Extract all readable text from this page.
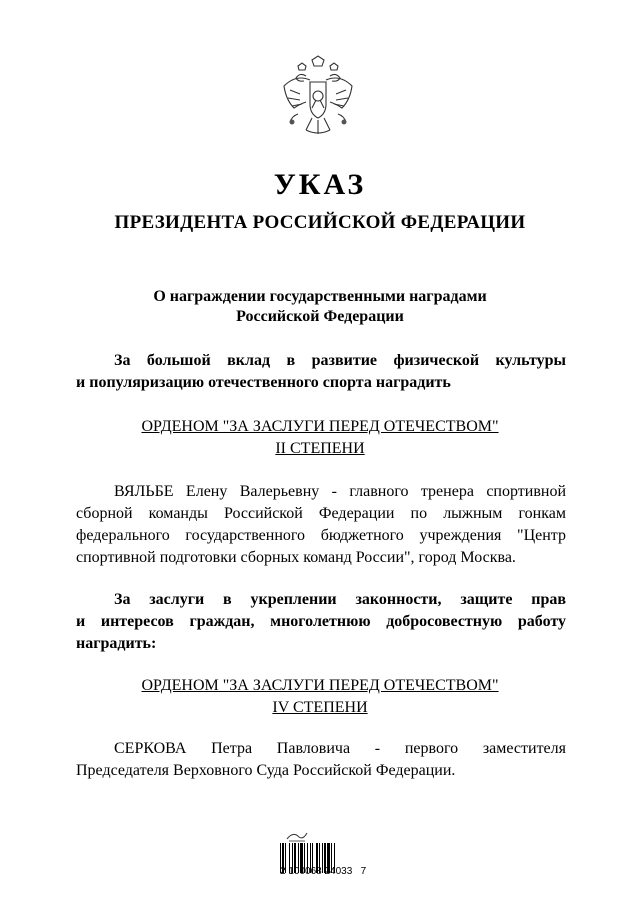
УКАЗ
ПРЕЗИДЕНТА РОССИЙСКОЙ ФЕДЕРАЦИИ
О награждении государственными наградами
Российской Федерации
За большой вклад в развитие физической культуры
и популяризацию отечественного спорта наградить
ОРДЕНОМ "ЗА ЗАСЛУГИ ПЕРЕД ОТЕЧЕСТВОМ"
II СТЕПЕНИ
ВЯЛЬБЕ Елену Валерьевну - главного тренера спортивной
сборной команды Российской Федерации по лыжным гонкам
федерального государственного бюджетного учреждения "Центр
спортивной подготовки сборных команд России", город Москва.
За заслуги в укреплении законности, защите прав
и интересов граждан, многолетнюю добросовестную работу
наградить:
ОРДЕНОМ "ЗА ЗАСЛУГИ ПЕРЕД ОТЕЧЕСТВОМ"
IV СТЕПЕНИ
СЕРКОВА Петра Павловича - первого заместителя
Председателя Верховного Суда Российской Федерации.
2 100068 24033   7
